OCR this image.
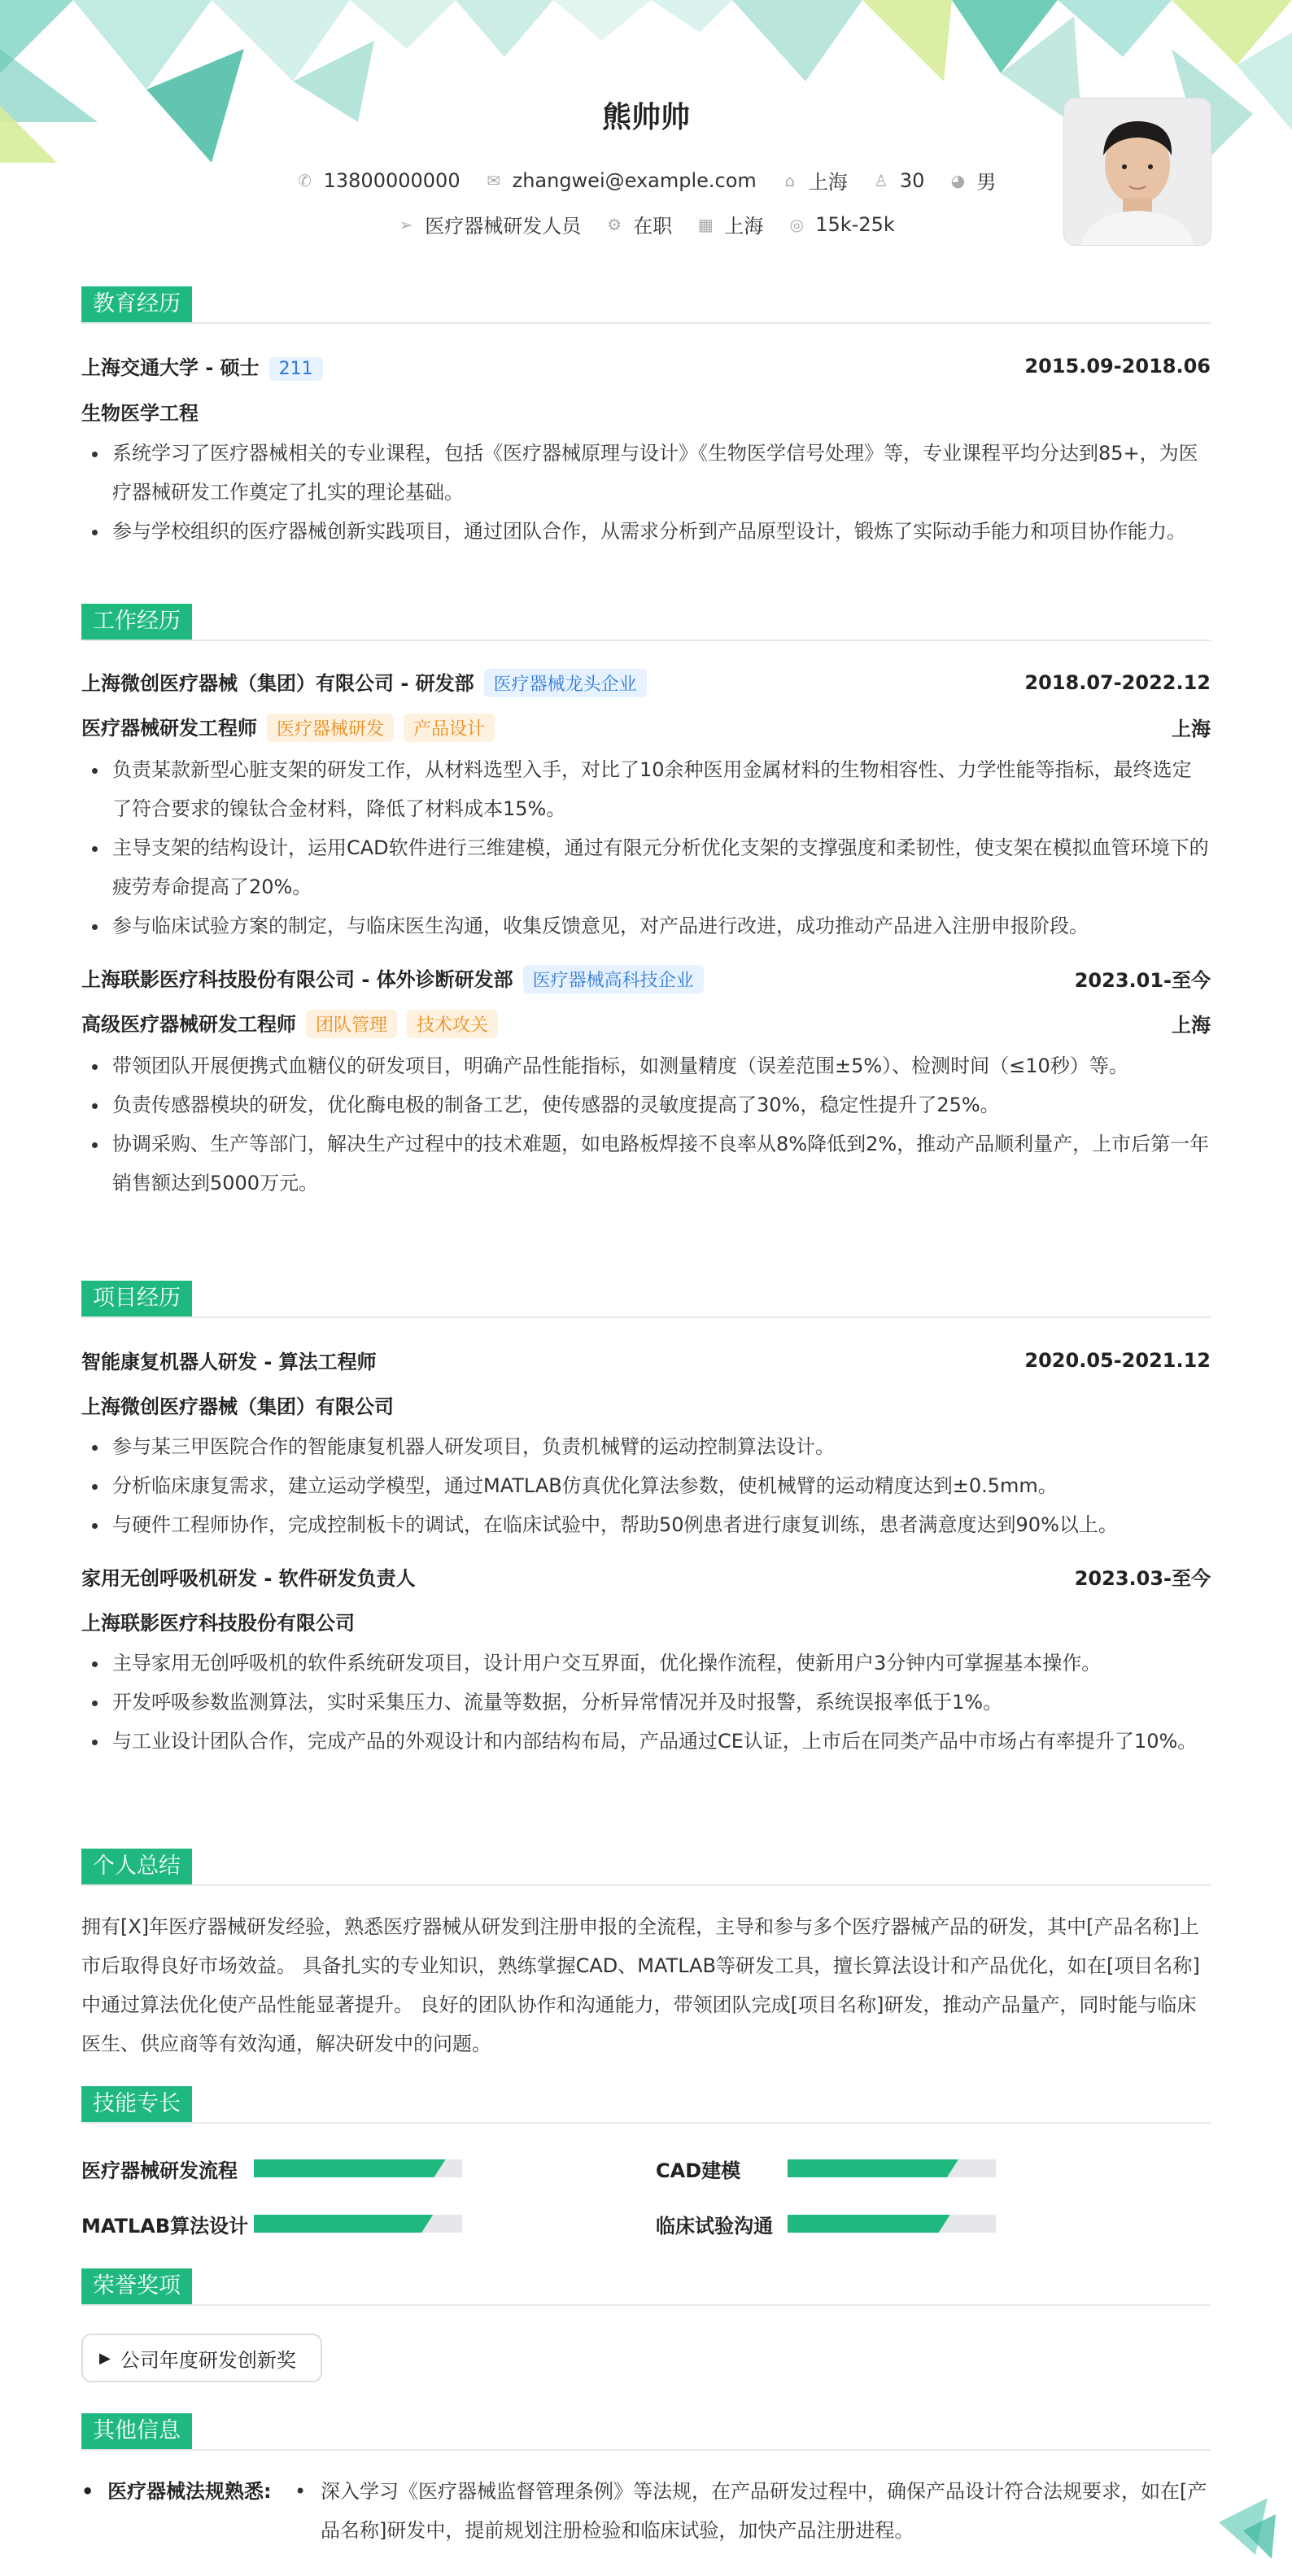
熊帅帅
✆ 13800000000 ✉ zhangwei@example.com ⌂ 上海 ♙ 30 ◕ 男
➢ 医疗器械研发人员 ⚙ 在职 ▦ 上海 ◎ 15k-25k
教育经历
上海交通大学 - 硕士 211	2015.09-2018.06
生物医学工程
• 系统学习了医疗器械相关的专业课程，包括《医疗器械原理与设计》《生物医学信号处理》等，专业课程平均分达到85+，为医疗器械研发工作奠定了扎实的理论基础。
• 参与学校组织的医疗器械创新实践项目，通过团队合作，从需求分析到产品原型设计，锻炼了实际动手能力和项目协作能力。
工作经历
上海微创医疗器械（集团）有限公司 - 研发部 医疗器械龙头企业	2018.07-2022.12
医疗器械研发工程师 医疗器械研发 产品设计	上海
• 负责某款新型心脏支架的研发工作，从材料选型入手，对比了10余种医用金属材料的生物相容性、力学性能等指标，最终选定了符合要求的镍钛合金材料，降低了材料成本15%。
• 主导支架的结构设计，运用CAD软件进行三维建模，通过有限元分析优化支架的支撑强度和柔韧性，使支架在模拟血管环境下的疲劳寿命提高了20%。
• 参与临床试验方案的制定，与临床医生沟通，收集反馈意见，对产品进行改进，成功推动产品进入注册申报阶段。
上海联影医疗科技股份有限公司 - 体外诊断研发部 医疗器械高科技企业	2023.01-至今
高级医疗器械研发工程师 团队管理 技术攻关	上海
• 带领团队开展便携式血糖仪的研发项目，明确产品性能指标，如测量精度（误差范围±5%）、检测时间（≤10秒）等。
• 负责传感器模块的研发，优化酶电极的制备工艺，使传感器的灵敏度提高了30%，稳定性提升了25%。
• 协调采购、生产等部门，解决生产过程中的技术难题，如电路板焊接不良率从8%降低到2%，推动产品顺利量产，上市后第一年销售额达到5000万元。
项目经历
智能康复机器人研发 - 算法工程师	2020.05-2021.12
上海微创医疗器械（集团）有限公司
• 参与某三甲医院合作的智能康复机器人研发项目，负责机械臂的运动控制算法设计。
• 分析临床康复需求，建立运动学模型，通过MATLAB仿真优化算法参数，使机械臂的运动精度达到±0.5mm。
• 与硬件工程师协作，完成控制板卡的调试，在临床试验中，帮助50例患者进行康复训练，患者满意度达到90%以上。
家用无创呼吸机研发 - 软件研发负责人	2023.03-至今
上海联影医疗科技股份有限公司
• 主导家用无创呼吸机的软件系统研发项目，设计用户交互界面，优化操作流程，使新用户3分钟内可掌握基本操作。
• 开发呼吸参数监测算法，实时采集压力、流量等数据，分析异常情况并及时报警，系统误报率低于1%。
• 与工业设计团队合作，完成产品的外观设计和内部结构布局，产品通过CE认证，上市后在同类产品中市场占有率提升了10%。
个人总结
拥有[X]年医疗器械研发经验，熟悉医疗器械从研发到注册申报的全流程，主导和参与多个医疗器械产品的研发，其中[产品名称]上市后取得良好市场效益。 具备扎实的专业知识，熟练掌握CAD、MATLAB等研发工具，擅长算法设计和产品优化，如在[项目名称]中通过算法优化使产品性能显著提升。 良好的团队协作和沟通能力，带领团队完成[项目名称]研发，推动产品量产，同时能与临床医生、供应商等有效沟通，解决研发中的问题。
技能专长
医疗器械研发流程	CAD建模
MATLAB算法设计	临床试验沟通
荣誉奖项
▶ 公司年度研发创新奖
其他信息
•  医疗器械法规熟悉:	• 深入学习《医疗器械监督管理条例》等法规，在产品研发过程中，确保产品设计符合法规要求，如在[产品名称]研发中，提前规划注册检验和临床试验，加快产品注册进程。
